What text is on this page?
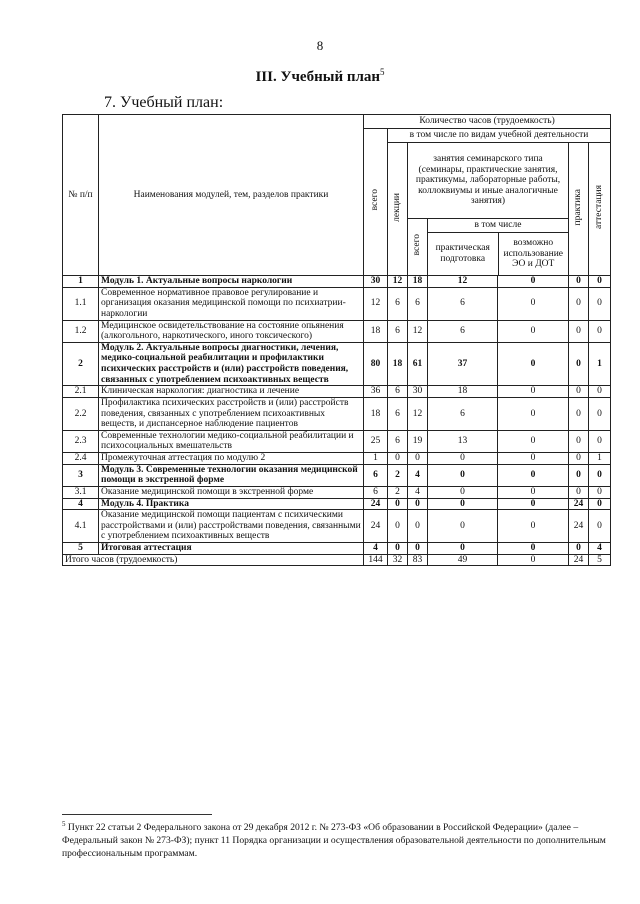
8
III. Учебный план$^5$
7. Учебный план:
№ п/п	Наименования модулей, тем, разделов практики	Количество часов (трудоемкость)						
		всего	в том числе по видам учебной деятельности					
			лекции	занятия семинарского типа (семинары, практические занятия, практикумы, лабораторные работы, коллоквиумы и иные аналогичные занятия)			практика	аттестация
				всего	в том числе
практическая подготовка
возможно использование ЭО и ДОТ			

1	Модуль 1. Актуальные вопросы наркологии	30	12	18	12	0	0	0
1.1	Современное нормативное правовое регулирование и организация оказания медицинской помощи по психиатрии-наркологии	12	6	6	6	0	0	0
1.2	Медицинское освидетельствование на состояние опьянения (алкогольного, наркотического, иного токсического)	18	6	12	6	0	0	0
2	Модуль 2. Актуальные вопросы диагностики, лечения, медико-социальной реабилитации и профилактики психических расстройств и (или) расстройств поведения, связанных с употреблением психоактивных веществ	80	18	61	37	0	0	1
2.1	Клиническая наркология: диагностика и лечение	36	6	30	18	0	0	0
2.2	Профилактика психических расстройств и (или) расстройств поведения, связанных с употреблением психоактивных веществ, и диспансерное наблюдение пациентов	18	6	12	6	0	0	0
2.3	Современные технологии медико-социальной реабилитации и психосоциальных вмешательств	25	6	19	13	0	0	0
2.4	Промежуточная аттестация по модулю 2	1	0	0	0	0	0	1
3	Модуль 3. Современные технологии оказания медицинской помощи в экстренной форме	6	2	4	0	0	0	0
3.1	Оказание медицинской помощи в экстренной форме	6	2	4	0	0	0	0
4	Модуль 4. Практика	24	0	0	0	0	24	0
4.1	Оказание медицинской помощи пациентам с психическими расстройствами и (или) расстройствами поведения, связанными с употреблением психоактивных веществ	24	0	0	0	0	24	0
5	Итоговая аттестация	4	0	0	0	0	0	4
Итого часов (трудоемкость)		144	32	83	49	0	24	5
$^5$ Пункт 22 статьи 2 Федерального закона от 29 декабря 2012 г. № 273-ФЗ «Об образовании в Российской Федерации» (далее – Федеральный закон № 273-ФЗ); пункт 11 Порядка организации и осуществления образовательной деятельности по дополнительным профессиональным программам.
